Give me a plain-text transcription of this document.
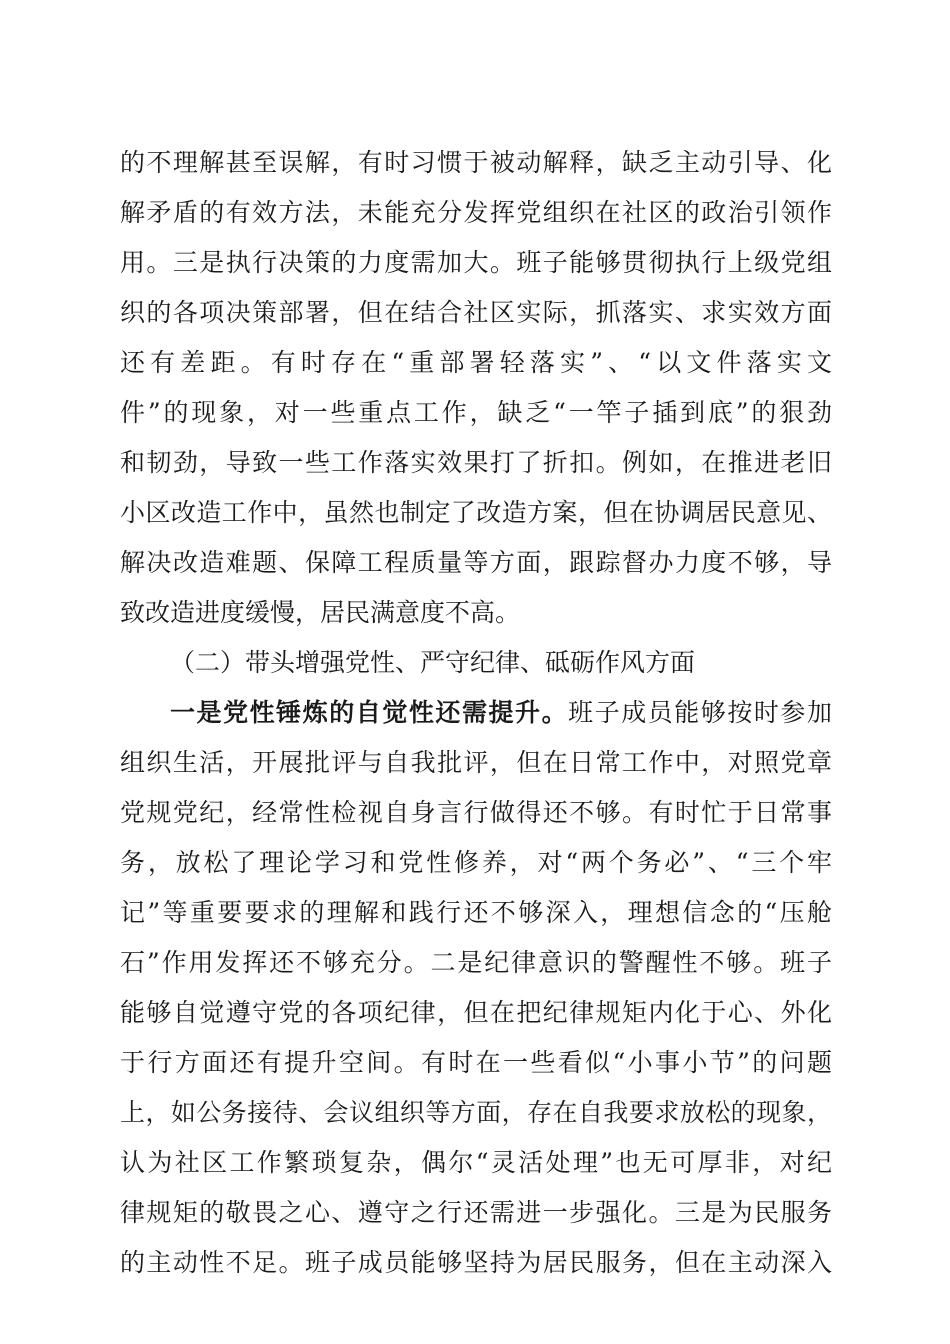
的不理解甚至误解，有时习惯于被动解释，缺乏主动引导、化

解矛盾的有效方法，未能充分发挥党组织在社区的政治引领作

用。三是执行决策的力度需加大。班子能够贯彻执行上级党组

织的各项决策部署，但在结合社区实际，抓落实、求实效方面

还有差距。有时存在“重部署轻落实”、“以文件落实文

件”的现象，对一些重点工作，缺乏“一竿子插到底”的狠劲

和韧劲，导致一些工作落实效果打了折扣。例如，在推进老旧

小区改造工作中，虽然也制定了改造方案，但在协调居民意见、

解决改造难题、保障工程质量等方面，跟踪督办力度不够，导

致改造进度缓慢，居民满意度不高。

（二）带头增强党性、严守纪律、砥砺作风方面

一是党性锤炼的自觉性还需提升。班子成员能够按时参加

组织生活，开展批评与自我批评，但在日常工作中，对照党章

党规党纪，经常性检视自身言行做得还不够。有时忙于日常事

务，放松了理论学习和党性修养，对“两个务必”、“三个牢

记”等重要要求的理解和践行还不够深入，理想信念的“压舱

石”作用发挥还不够充分。二是纪律意识的警醒性不够。班子

能够自觉遵守党的各项纪律，但在把纪律规矩内化于心、外化

于行方面还有提升空间。有时在一些看似“小事小节”的问题

上，如公务接待、会议组织等方面，存在自我要求放松的现象，

认为社区工作繁琐复杂，偶尔“灵活处理”也无可厚非，对纪

律规矩的敬畏之心、遵守之行还需进一步强化。三是为民服务

的主动性不足。班子成员能够坚持为居民服务，但在主动深入
